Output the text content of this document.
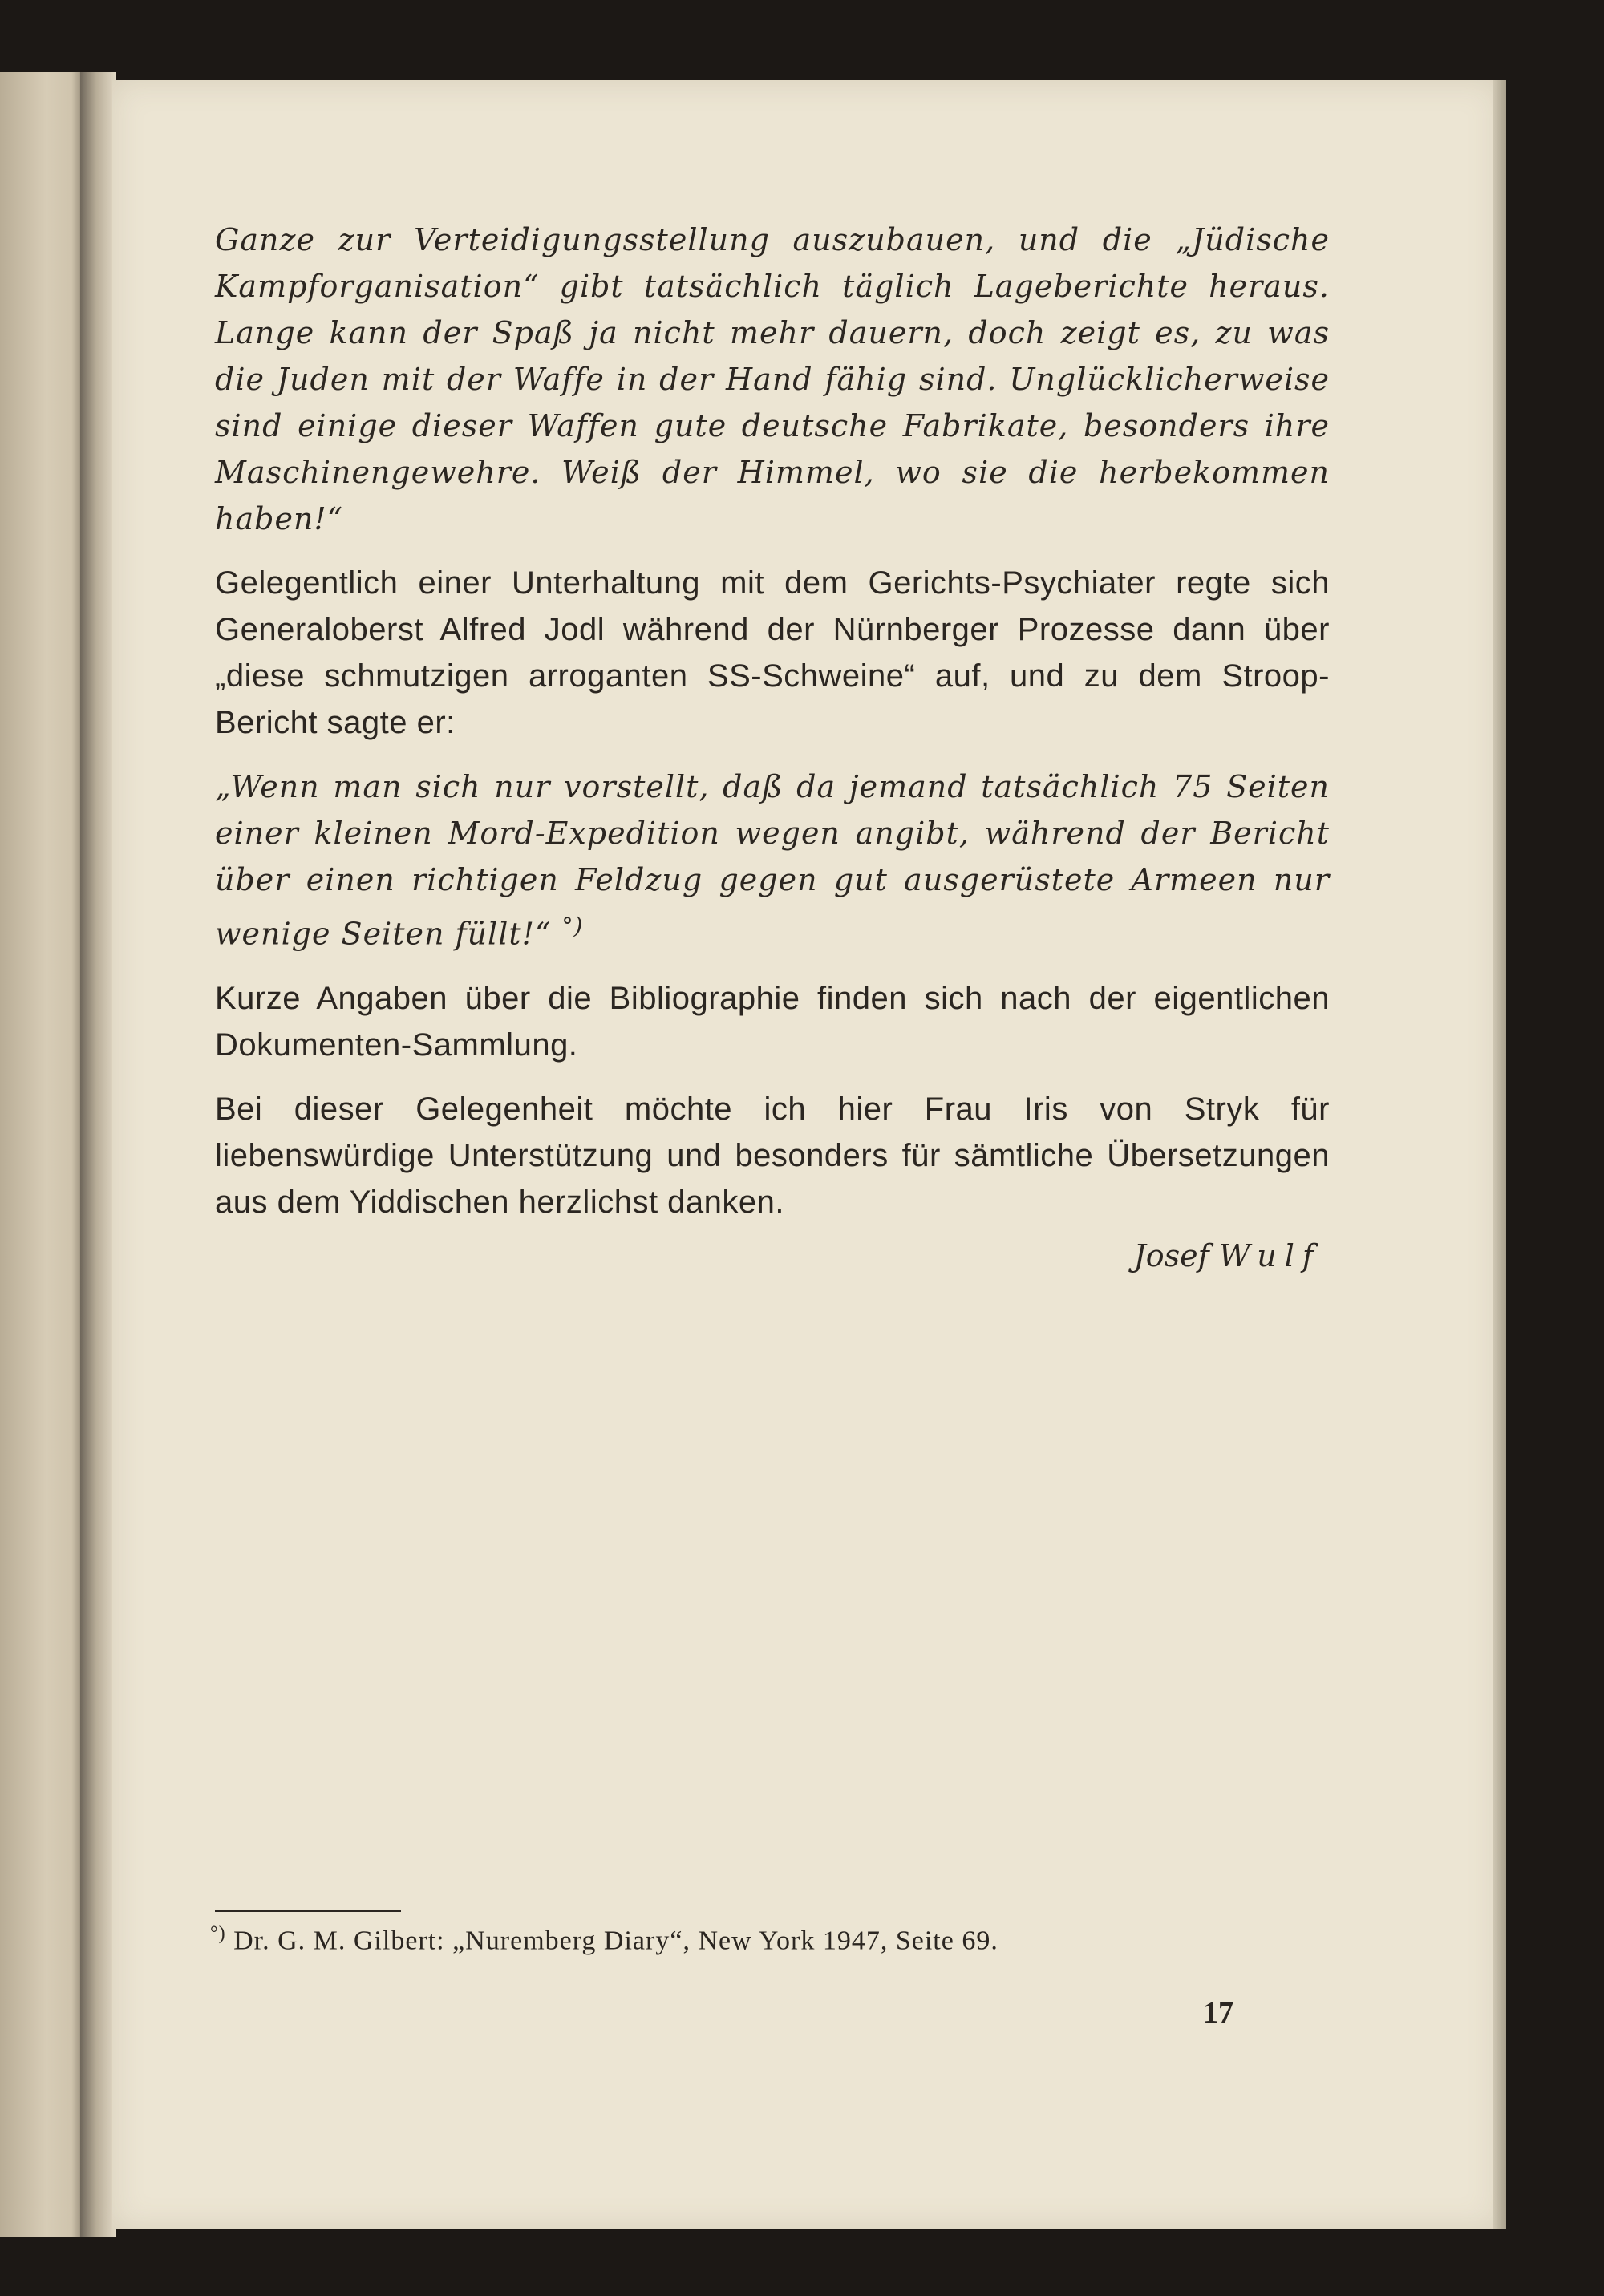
Ganze zur Verteidigungsstellung auszubauen, und die „Jüdische Kampforganisation“ gibt tatsächlich täglich Lageberichte heraus. Lange kann der Spaß ja nicht mehr dauern, doch zeigt es, zu was die Juden mit der Waffe in der Hand fähig sind. Unglücklicherweise sind einige dieser Waffen gute deutsche Fabrikate, besonders ihre Maschinengewehre. Weiß der Himmel, wo sie die herbekommen haben!“

Gelegentlich einer Unterhaltung mit dem Gerichts-Psychiater regte sich Generaloberst Alfred Jodl während der Nürnberger Prozesse dann über „diese schmutzigen arroganten SS-Schweine“ auf, und zu dem Stroop-Bericht sagte er:

„Wenn man sich nur vorstellt, daß da jemand tatsächlich 75 Seiten einer kleinen Mord-Expedition wegen angibt, während der Bericht über einen richtigen Feldzug gegen gut ausgerüstete Armeen nur wenige Seiten füllt!“ °)

Kurze Angaben über die Bibliographie finden sich nach der eigentlichen Dokumenten-Sammlung.

Bei dieser Gelegenheit möchte ich hier Frau Iris von Stryk für liebenswürdige Unterstützung und besonders für sämtliche Übersetzungen aus dem Yiddischen herzlichst danken.

Josef Wulf
°) Dr. G. M. Gilbert: „Nuremberg Diary“, New York 1947, Seite 69.
17
